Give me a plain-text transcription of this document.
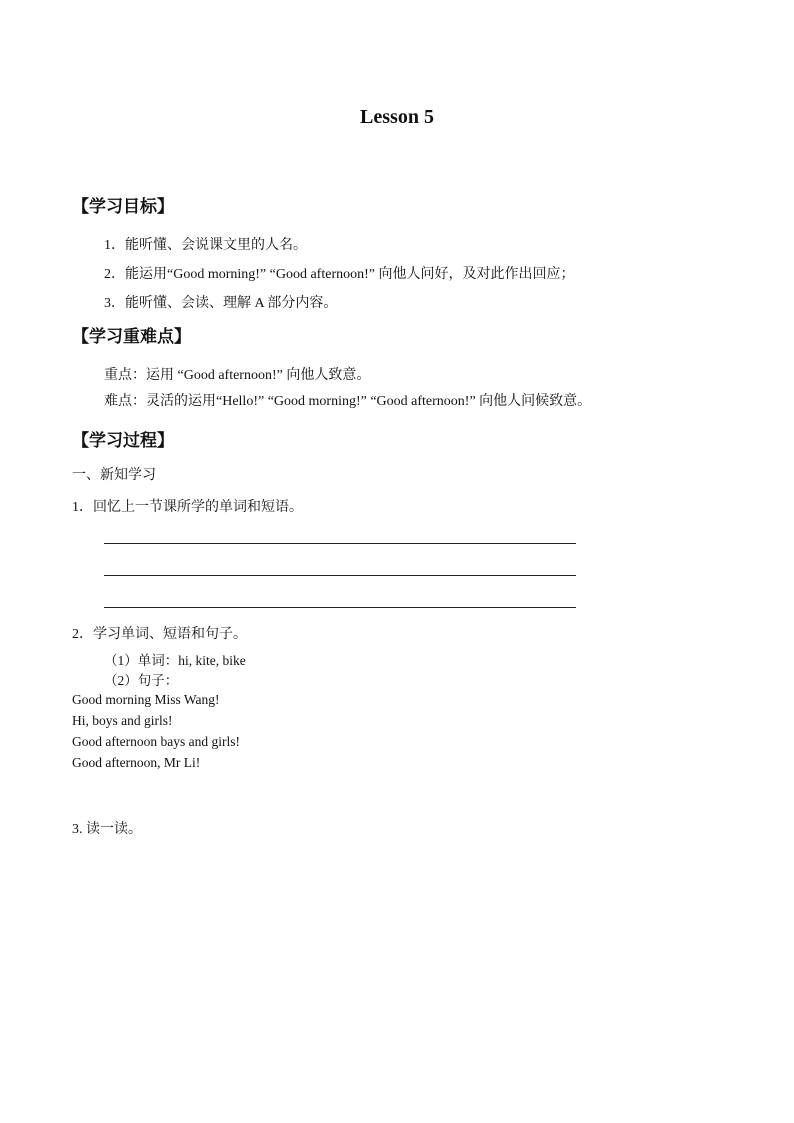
Lesson 5
【学习目标】
1．能听懂、会说课文里的人名。
2．能运用“Good morning!” “Good afternoon!” 向他人问好，及对此作出回应；
3．能听懂、会读、理解 A 部分内容。
【学习重难点】
重点：运用 “Good afternoon!” 向他人致意。
难点：灵活的运用“Hello!” “Good morning!” “Good afternoon!” 向他人问候致意。
【学习过程】
一、新知学习
1．回忆上一节课所学的单词和短语。
2．学习单词、短语和句子。
（1）单词：hi, kite, bike
（2）句子：
Good morning Miss Wang!
Hi, boys and girls!
Good afternoon bays and girls!
Good afternoon, Mr Li!
3. 读一读。
